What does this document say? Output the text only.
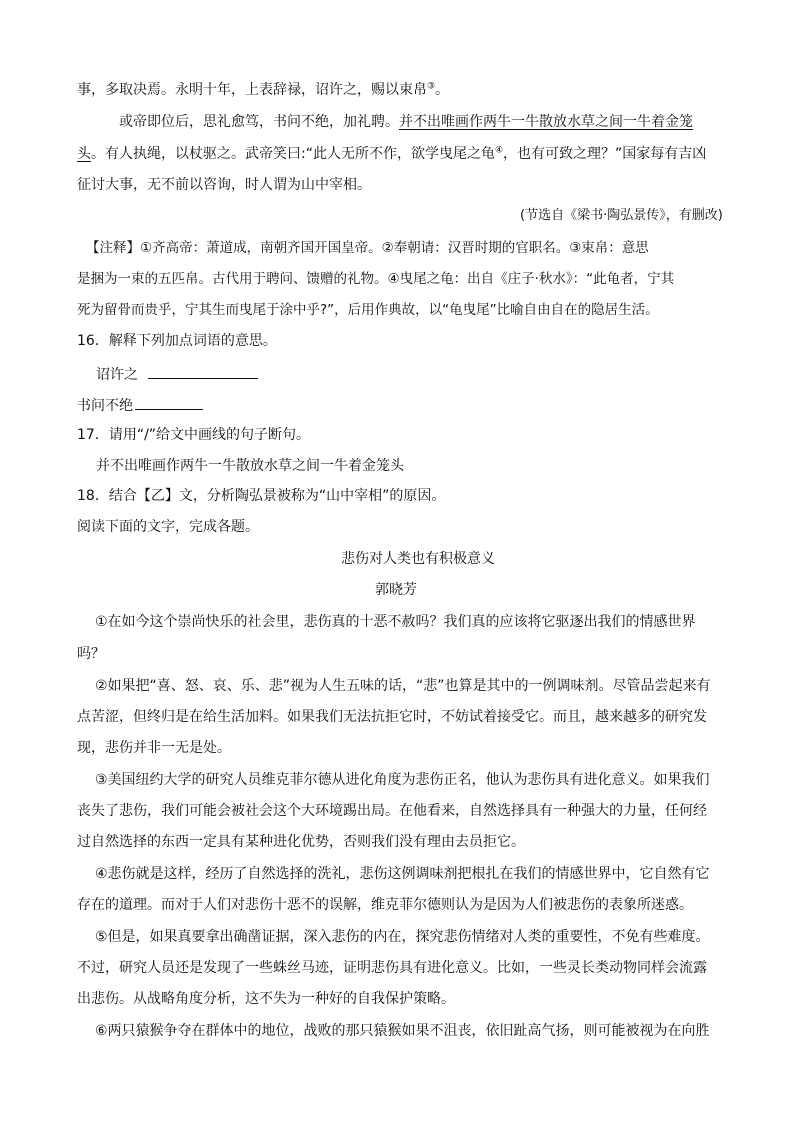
事，多取决焉。永明十年，上表辞禄，诏许之，赐以束帛③。
或帝即位后，思礼愈笃，书问不绝，加礼聘。并不出唯画作两牛一牛散放水草之间一牛着金笼
头。有人执绳，以杖驱之。武帝笑曰:“此人无所不作，欲学曳尾之龟④，也有可致之理？”国家每有吉凶
征讨大事，无不前以咨询，时人谓为山中宰相。
(节选自《梁书·陶弘景传》，有删改)
【注释】①齐高帝：萧道成，南朝齐国开国皇帝。②奉朝请：汉晋时期的官职名。③束帛：意思
是捆为一束的五匹帛。古代用于聘问、馈赠的礼物。④曳尾之龟：出自《庄子·秋水》：“此龟者，宁其
死为留骨而贵乎，宁其生而曳尾于涂中乎?”，后用作典故，以“龟曳尾”比喻自由自在的隐居生活。
16．解释下列加点词语的意思。
诏许之
书问不绝
17．请用“/”给文中画线的句子断句。
并不出唯画作两牛一牛散放水草之间一牛着金笼头
18．结合【乙】文，分析陶弘景被称为“山中宰相”的原因。
阅读下面的文字，完成各题。
悲伤对人类也有积极意义
郭晓芳
①在如今这个崇尚快乐的社会里，悲伤真的十恶不赦吗？我们真的应该将它驱逐出我们的情感世界
吗？
②如果把“喜、怒、哀、乐、悲”视为人生五味的话，“悲”也算是其中的一例调味剂。尽管品尝起来有
点苦涩，但终归是在给生活加料。如果我们无法抗拒它时，不妨试着接受它。而且，越来越多的研究发
现，悲伤并非一无是处。
③美国纽约大学的研究人员维克菲尔德从进化角度为悲伤正名，他认为悲伤具有进化意义。如果我们
丧失了悲伤，我们可能会被社会这个大环境踢出局。在他看来，自然选择具有一种强大的力量，任何经
过自然选择的东西一定具有某种进化优势，否则我们没有理由去员拒它。
④悲伤就是这样，经历了自然选择的洗礼，悲伤这例调味剂把根扎在我们的情感世界中，它自然有它
存在的道理。而对于人们对悲伤十恶不的误解，维克菲尔德则认为是因为人们被悲伤的表象所迷惑。
⑤但是，如果真要拿出确凿证据，深入悲伤的内在，探究悲伤情绪对人类的重要性，不免有些难度。
不过，研究人员还是发现了一些蛛丝马迹，证明悲伤具有进化意义。比如，一些灵长类动物同样会流露
出悲伤。从战略角度分析，这不失为一种好的自我保护策略。
⑥两只猿猴争夺在群体中的地位，战败的那只猿猴如果不沮丧，依旧趾高气扬，则可能被视为在向胜
